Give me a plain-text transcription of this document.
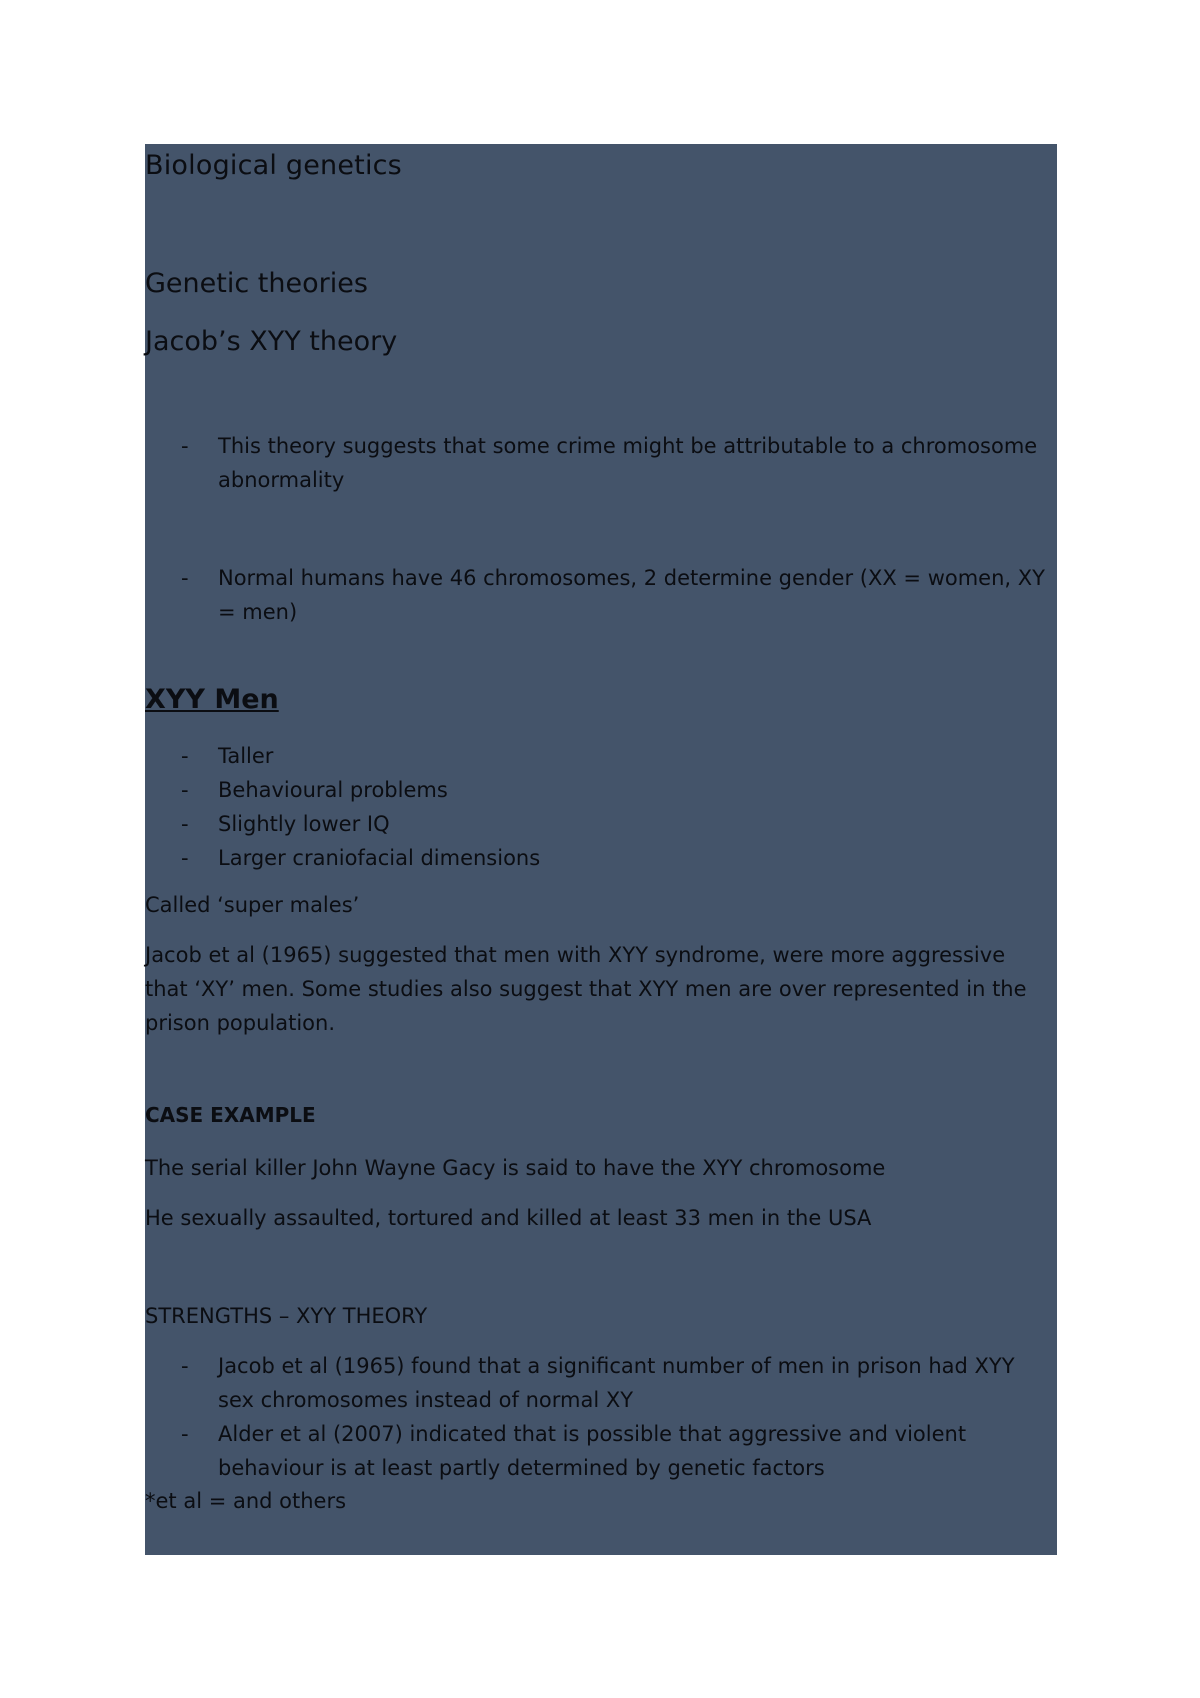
Biological genetics
Genetic theories
Jacob’s XYY theory
- This theory suggests that some crime might be attributable to a chromosome abnormality
- Normal humans have 46 chromosomes, 2 determine gender (XX = women, XY = men)
XYY Men
- Taller
- Behavioural problems
- Slightly lower IQ
- Larger craniofacial dimensions
Called ‘super males’
Jacob et al (1965) suggested that men with XYY syndrome, were more aggressive that ‘XY’ men. Some studies also suggest that XYY men are over represented in the prison population.
CASE EXAMPLE
The serial killer John Wayne Gacy is said to have the XYY chromosome
He sexually assaulted, tortured and killed at least 33 men in the USA
STRENGTHS – XYY THEORY
- Jacob et al (1965) found that a significant number of men in prison had XYY sex chromosomes instead of normal XY
- Alder et al (2007) indicated that is possible that aggressive and violent behaviour is at least partly determined by genetic factors
*et al = and others
